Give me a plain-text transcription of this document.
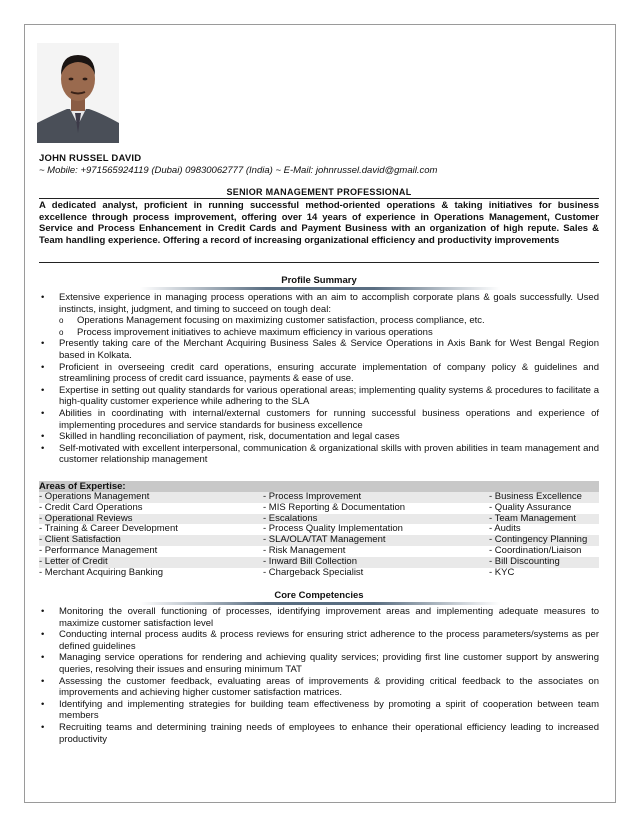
JOHN RUSSEL DAVID
~ Mobile: +971565924119 (Dubai) 09830062777 (India) ~ E-Mail: johnrussel.david@gmail.com
SENIOR MANAGEMENT PROFESSIONAL
A dedicated analyst, proficient in running successful method-oriented operations & taking initiatives for business excellence through process improvement, offering over 14 years of experience in Operations Management, Customer Service and Process Enhancement in Credit Cards and Payment Business with an organization of high repute. Sales & Team handling experience. Offering a record of increasing organizational efficiency and productivity improvements
Profile Summary
• Extensive experience in managing process operations with an aim to accomplish corporate plans & goals successfully. Used instincts, insight, judgment, and timing to succeed on tough deal:
o Operations Management focusing on maximizing customer satisfaction, process compliance, etc.
o Process improvement initiatives to achieve maximum efficiency in various operations
• Presently taking care of the Merchant Acquiring Business Sales & Service Operations in Axis Bank for West Bengal Region based in Kolkata.
• Proficient in overseeing credit card operations, ensuring accurate implementation of company policy & guidelines and streamlining process of credit card issuance, payments & ease of use.
• Expertise in setting out quality standards for various operational areas; implementing quality systems & procedures to facilitate a high-quality customer experience while adhering to the SLA
• Abilities in coordinating with internal/external customers for running successful business operations and experience of implementing procedures and service standards for business excellence
• Skilled in handling reconciliation of payment, risk, documentation and legal cases
• Self-motivated with excellent interpersonal, communication & organizational skills with proven abilities in team management and customer relationship management
Areas of Expertise:
- Operations Management	- Process Improvement	- Business Excellence
- Credit Card Operations	- MIS Reporting & Documentation	- Quality Assurance
- Operational Reviews	- Escalations	- Team Management
- Training & Career Development	- Process Quality Implementation	- Audits
- Client Satisfaction	- SLA/OLA/TAT Management	- Contingency Planning
- Performance Management	- Risk Management	- Coordination/Liaison
- Letter of Credit	- Inward Bill Collection	- Bill Discounting
- Merchant Acquiring Banking	- Chargeback Specialist	- KYC
Core Competencies
• Monitoring the overall functioning of processes, identifying improvement areas and implementing adequate measures to maximize customer satisfaction level
• Conducting internal process audits & process reviews for ensuring strict adherence to the process parameters/systems as per defined guidelines
• Managing service operations for rendering and achieving quality services; providing first line customer support by answering queries, resolving their issues and ensuring minimum TAT
• Assessing the customer feedback, evaluating areas of improvements & providing critical feedback to the associates on improvements and achieving higher customer satisfaction matrices.
• Identifying and implementing strategies for building team effectiveness by promoting a spirit of cooperation between team members
• Recruiting teams and determining training needs of employees to enhance their operational efficiency leading to increased productivity
